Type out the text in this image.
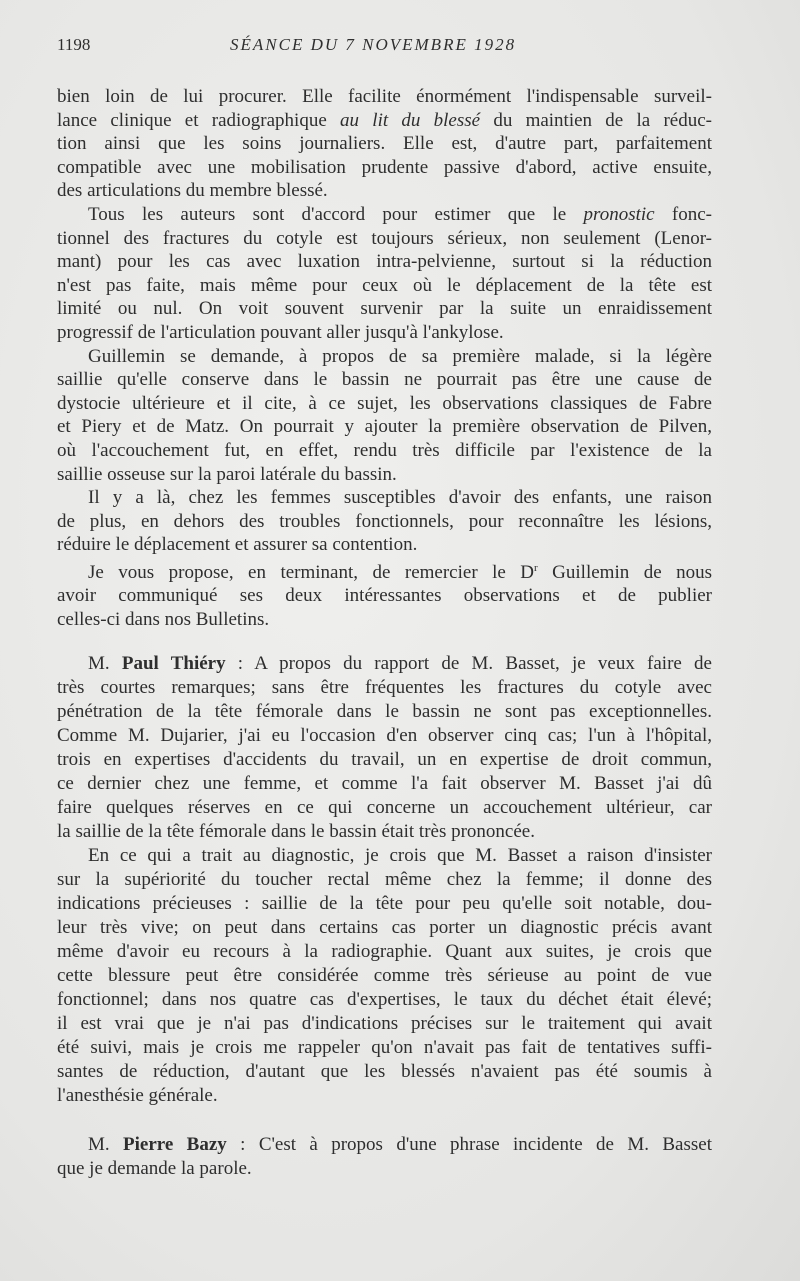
1198	SÉANCE DU 7 NOVEMBRE 1928
bien loin de lui procurer. Elle facilite énormément l'indispensable surveil-
lance clinique et radiographique au lit du blessé du maintien de la réduc-
tion ainsi que les soins journaliers. Elle est, d'autre part, parfaitement
compatible avec une mobilisation prudente passive d'abord, active ensuite,
des articulations du membre blessé.
Tous les auteurs sont d'accord pour estimer que le pronostic fonc-
tionnel des fractures du cotyle est toujours sérieux, non seulement (Lenor-
mant) pour les cas avec luxation intra-pelvienne, surtout si la réduction
n'est pas faite, mais même pour ceux où le déplacement de la tête est
limité ou nul. On voit souvent survenir par la suite un enraidissement
progressif de l'articulation pouvant aller jusqu'à l'ankylose.
Guillemin se demande, à propos de sa première malade, si la légère
saillie qu'elle conserve dans le bassin ne pourrait pas être une cause de
dystocie ultérieure et il cite, à ce sujet, les observations classiques de Fabre
et Piery et de Matz. On pourrait y ajouter la première observation de Pilven,
où l'accouchement fut, en effet, rendu très difficile par l'existence de la
saillie osseuse sur la paroi latérale du bassin.
Il y a là, chez les femmes susceptibles d'avoir des enfants, une raison
de plus, en dehors des troubles fonctionnels, pour reconnaître les lésions,
réduire le déplacement et assurer sa contention.
Je vous propose, en terminant, de remercier le $D^r$ Guillemin de nous
avoir communiqué ses deux intéressantes observations et de publier
celles-ci dans nos Bulletins.
M. Paul Thiéry : A propos du rapport de M. Basset, je veux faire de
très courtes remarques; sans être fréquentes les fractures du cotyle avec
pénétration de la tête fémorale dans le bassin ne sont pas exceptionnelles.
Comme M. Dujarier, j'ai eu l'occasion d'en observer cinq cas; l'un à l'hôpital,
trois en expertises d'accidents du travail, un en expertise de droit commun,
ce dernier chez une femme, et comme l'a fait observer M. Basset j'ai dû
faire quelques réserves en ce qui concerne un accouchement ultérieur, car
la saillie de la tête fémorale dans le bassin était très prononcée.
En ce qui a trait au diagnostic, je crois que M. Basset a raison d'insister
sur la supériorité du toucher rectal même chez la femme; il donne des
indications précieuses : saillie de la tête pour peu qu'elle soit notable, dou-
leur très vive; on peut dans certains cas porter un diagnostic précis avant
même d'avoir eu recours à la radiographie. Quant aux suites, je crois que
cette blessure peut être considérée comme très sérieuse au point de vue
fonctionnel; dans nos quatre cas d'expertises, le taux du déchet était élevé;
il est vrai que je n'ai pas d'indications précises sur le traitement qui avait
été suivi, mais je crois me rappeler qu'on n'avait pas fait de tentatives suffi-
santes de réduction, d'autant que les blessés n'avaient pas été soumis à
l'anesthésie générale.
M. Pierre Bazy : C'est à propos d'une phrase incidente de M. Basset
que je demande la parole.
